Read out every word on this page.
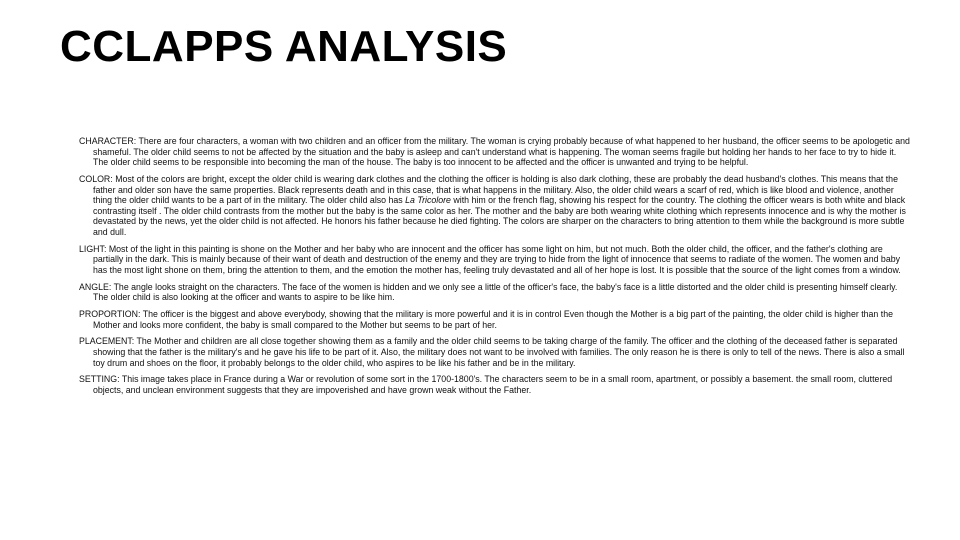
CCLAPPS ANALYSIS

CHARACTER: There are four characters, a woman with two children and an officer from the military. The woman is crying probably because of what happened to her husband, the officer seems to be apologetic and shameful. The older child seems to not be affected by the situation and the baby is asleep and can't understand what is happening. The woman seems fragile but holding her hands to her face to try to hide it. The older child seems to be responsible into becoming the man of the house. The baby is too innocent to be affected and the officer is unwanted and trying to be helpful.

COLOR: Most of the colors are bright, except the older child is wearing dark clothes and the clothing the officer is holding is also dark clothing, these are probably the dead husband's clothes. This means that the father and older son have the same properties. Black represents death and in this case, that is what happens in the military. Also, the older child wears a scarf of red, which is like blood and violence, another thing the older child wants to be a part of in the military. The older child also has La Tricolore with him or the french flag, showing his respect for the country. The clothing the officer wears is both white and black contrasting itself . The older child contrasts from the mother but the baby is the same color as her. The mother and the baby are both wearing white clothing which represents innocence and is why the mother is devastated by the news, yet the older child is not affected. He honors his father because he died fighting. The colors are sharper on the characters to bring attention to them while the background is more subtle and dull.

LIGHT: Most of the light in this painting is shone on the Mother and her baby who are innocent and the officer has some light on him, but not much. Both the older child, the officer, and the father's clothing are partially in the dark. This is mainly because of their want of death and destruction of the enemy and they are trying to hide from the light of innocence that seems to radiate of the women. The women and baby has the most light shone on them, bring the attention to them, and the emotion the mother has, feeling truly devastated and all of her hope is lost. It is possible that the source of the light comes from a window.

ANGLE: The angle looks straight on the characters. The face of the women is hidden and we only see a little of the officer's face, the baby's face is a little distorted and the older child is presenting himself clearly. The older child is also looking at the officer and wants to aspire to be like him.

PROPORTION: The officer is the biggest and above everybody, showing that the military is more powerful and it is in control Even though the Mother is a big part of the painting, the older child is higher than the Mother and looks more confident, the baby is small compared to the Mother but seems to be part of her.

PLACEMENT: The Mother and children are all close together showing them as a family and the older child seems to be taking charge of the family. The officer and the clothing of the deceased father is separated showing that the father is the military's and he gave his life to be part of it. Also, the military does not want to be involved with families. The only reason he is there is only to tell of the news. There is also a small toy drum and shoes on the floor, it probably belongs to the older child, who aspires to be like his father and be in the military.

SETTING: This image takes place in France during a War or revolution of some sort in the 1700-1800's. The characters seem to be in a small room, apartment, or possibly a basement. the small room, cluttered objects, and unclean environment suggests that they are impoverished and have grown weak without the Father.
